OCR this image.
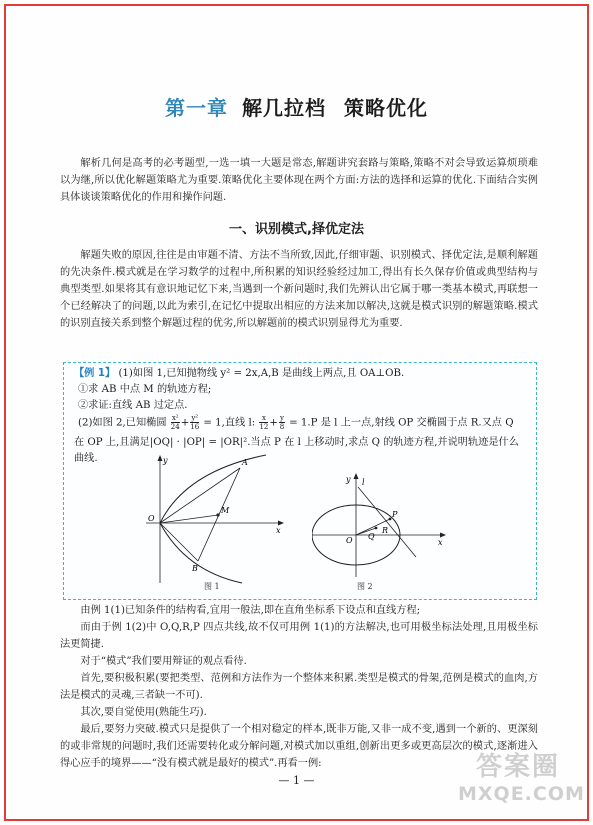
第一章 解几拉档 策略优化

解析几何是高考的必考题型,一选一填一大题是常态,解题讲究套路与策略,策略不对会导致运算烦琐难以为继,所以优化解题策略尤为重要.策略优化主要体现在两个方面:方法的选择和运算的优化.下面结合实例具体谈谈策略优化的作用和操作问题.

一、识别模式,择优定法

解题失败的原因,往往是由审题不清、方法不当所致,因此,仔细审题、识别模式、择优定法,是顺利解题的先决条件.模式就是在学习数学的过程中,所积累的知识经验经过加工,得出有长久保存价值或典型结构与典型类型.如果将其有意识地记忆下来,当遇到一个新问题时,我们先辨认出它属于哪一类基本模式,再联想一个已经解决了的问题,以此为索引,在记忆中提取出相应的方法来加以解决,这就是模式识别的解题策略.模式的识别直接关系到整个解题过程的优劣,所以解题前的模式识别显得尤为重要.

【例 1】 (1)如图 1,已知抛物线 y² = 2x,A,B 是曲线上两点,且 OA⊥OB.
①求 AB 中点 M 的轨迹方程;
②求证:直线 AB 过定点.
(2)如图 2,已知椭圆 $\frac{\text{x²}}{24} + \frac{\text{y²}}{16} = 1$,直线 l: $\frac{x}{12} + \frac{y}{8} = 1.P$ 是 l 上一点,射线 OP 交椭圆于点 R.又点 Q
在 OP 上,且满足|OQ| · |OP| = |OR|².当点 P 在 l 上移动时,求点 Q 的轨迹方程,并说明轨迹是什么
曲线.	A
B
M
O
x
y
图 1
l
y
P
R
Q
O	x
图 2

由例 1(1)已知条件的结构看,宜用一般法,即在直角坐标系下设点和直线方程;

而由于例 1(2)中 O,Q,R,P 四点共线,故不仅可用例 1(1)的方法解决,也可用极坐标法处理,且用极坐标法更简捷.

对于“模式”我们要用辩证的观点看待.

首先,要积极积累(要把类型、范例和方法作为一个整体来积累.类型是模式的骨架,范例是模式的血肉,方法是模式的灵魂,三者缺一不可).

其次,要自觉使用(熟能生巧).

最后,要努力突破.模式只是提供了一个相对稳定的样本,既非万能,又非一成不变,遇到一个新的、更深刻的或非常规的问题时,我们还需要转化或分解问题,对模式加以重组,创新出更多或更高层次的模式,逐渐进入得心应手的境界——“没有模式就是最好的模式”.再看一例:

— 1 —	答案圈
MXQE.COM
